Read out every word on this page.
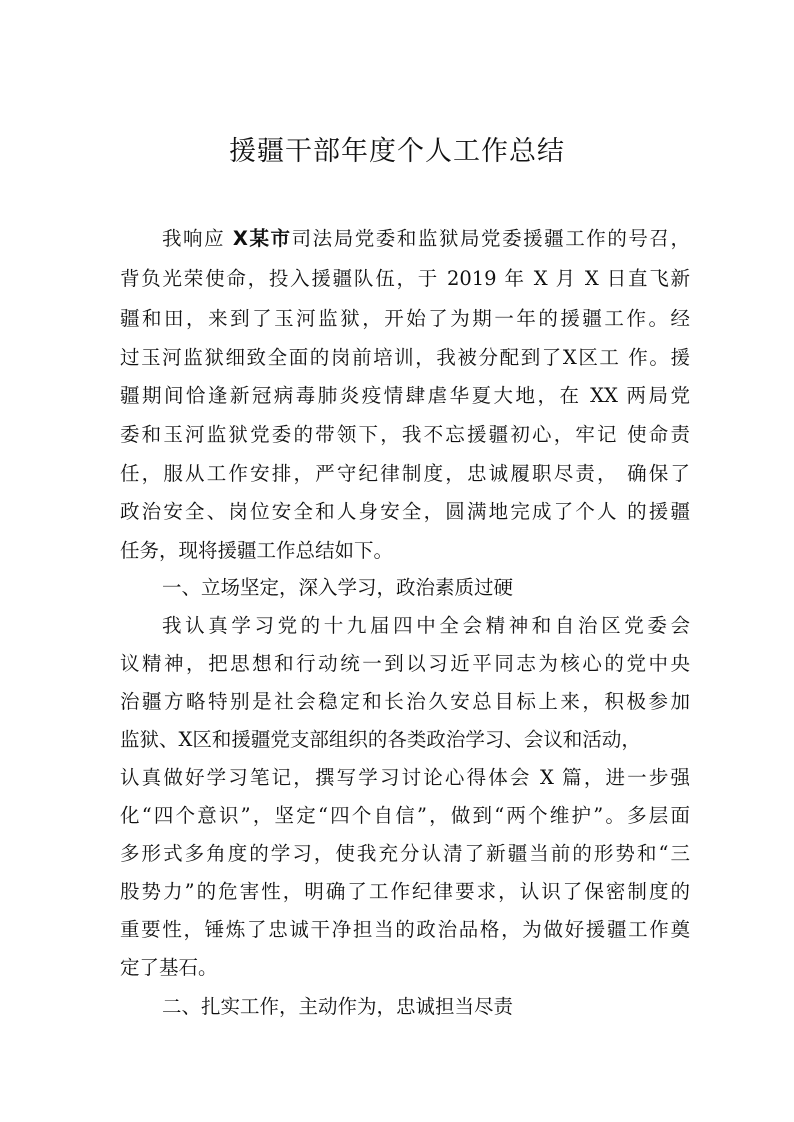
援疆干部年度个人工作总结
我响应 X某市司法局党委和监狱局党委援疆工作的号召，
背负光荣使命，投入援疆队伍，于 2019 年 X 月 X 日直飞新
疆和田，来到了玉河监狱，开始了为期一年的援疆工作。经
过玉河监狱细致全面的岗前培训，我被分配到了X区工 作。援
疆期间恰逢新冠病毒肺炎疫情肆虐华夏大地，在 XX 两局党
委和玉河监狱党委的带领下，我不忘援疆初心，牢记 使命责
任，服从工作安排，严守纪律制度，忠诚履职尽责， 确保了
政治安全、岗位安全和人身安全，圆满地完成了个人 的援疆
任务，现将援疆工作总结如下。
一、立场坚定，深入学习，政治素质过硬
我认真学习党的十九届四中全会精神和自治区党委会
议精神，把思想和行动统一到以习近平同志为核心的党中央
治疆方略特别是社会稳定和长治久安总目标上来，积极参加
监狱、X区和援疆党支部组织的各类政治学习、会议和活动，
认真做好学习笔记，撰写学习讨论心得体会 X 篇，进一步强
化“四个意识”，坚定“四个自信”，做到“两个维护”。多层面
多形式多角度的学习，使我充分认清了新疆当前的形势和“三
股势力”的危害性，明确了工作纪律要求，认识了保密制度的
重要性，锤炼了忠诚干净担当的政治品格，为做好援疆工作奠
定了基石。
二、扎实工作，主动作为，忠诚担当尽责
